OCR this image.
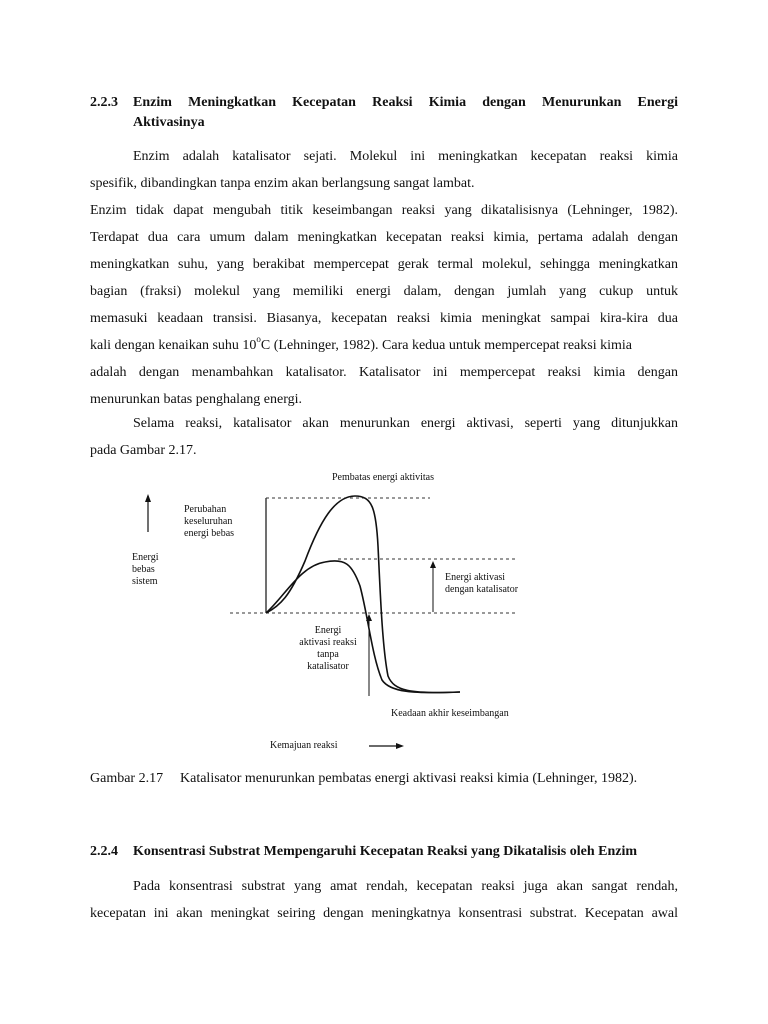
2.2.3 Enzim Meningkatkan Kecepatan Reaksi Kimia dengan Menurunkan Energi
Aktivasinya
Enzim adalah katalisator sejati. Molekul ini meningkatkan kecepatan reaksi kimia
spesifik, dibandingkan tanpa enzim akan berlangsung sangat lambat.
Enzim tidak dapat mengubah titik keseimbangan reaksi yang dikatalisisnya (Lehninger, 1982).
Terdapat dua cara umum dalam meningkatkan kecepatan reaksi kimia, pertama adalah dengan
meningkatkan suhu, yang berakibat mempercepat gerak termal molekul, sehingga meningkatkan
bagian (fraksi) molekul yang memiliki energi dalam, dengan jumlah yang cukup untuk
memasuki keadaan transisi. Biasanya, kecepatan reaksi kimia meningkat sampai kira-kira dua
kali dengan kenaikan suhu 10$^o$C (Lehninger, 1982). Cara kedua untuk mempercepat reaksi kimia
adalah dengan menambahkan katalisator. Katalisator ini mempercepat reaksi kimia dengan
menurunkan batas penghalang energi.
Selama reaksi, katalisator akan menurunkan energi aktivasi, seperti yang ditunjukkan
pada Gambar 2.17.
Pembatas energi aktivitas
Perubahan
keseluruhan
energi bebas
Energi
bebas
sistem	Energi aktivasi
dengan katalisator
Energi
aktivasi reaksi
tanpa
katalisator
Keadaan akhir keseimbangan
Kemajuan reaksi
Gambar 2.17 Katalisator menurunkan pembatas energi aktivasi reaksi kimia (Lehninger, 1982).
2.2.4 Konsentrasi Substrat Mempengaruhi Kecepatan Reaksi yang Dikatalisis oleh Enzim
Pada konsentrasi substrat yang amat rendah, kecepatan reaksi juga akan sangat rendah,
kecepatan ini akan meningkat seiring dengan meningkatnya konsentrasi substrat. Kecepatan awal
